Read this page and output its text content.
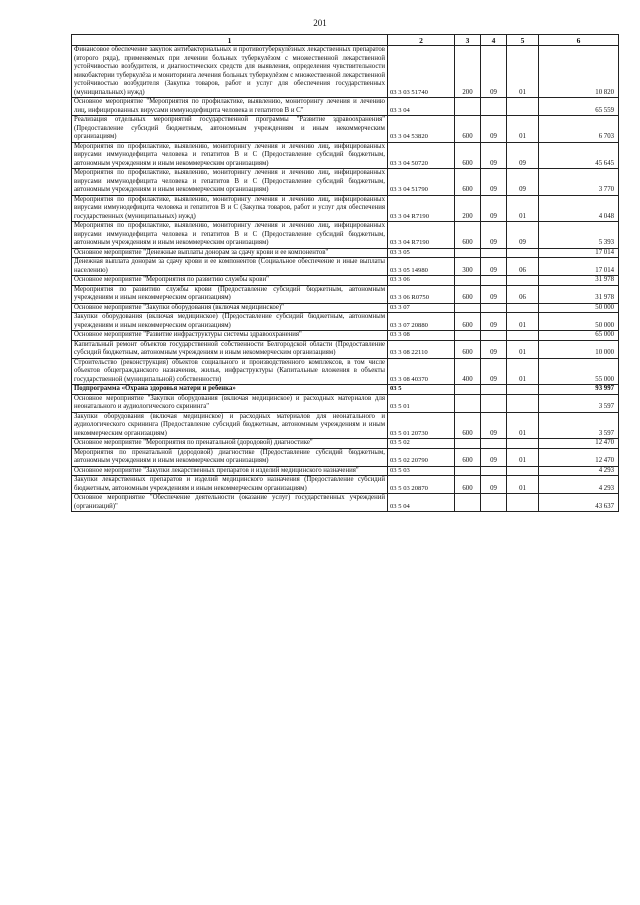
201
1	2	3	4	5	6
Финансовое обеспечение закупок антибактериальных и противотуберкулёзных лекарственных препаратов (второго ряда), применяемых при лечении больных туберкулёзом с множественной лекарственной устойчивостью возбудителя, и диагностических средств для выявления, определения чувствительности микобактерии туберкулёза и мониторинга лечения больных туберкулёзом с множественной лекарственной устойчивостью возбудителя (Закупка товаров, работ и услуг для обеспечения государственных (муниципальных) нужд)	03 3 03 51740	200	09	01	10 820
Основное мероприятие "Мероприятия по профилактике, выявлению, мониторингу лечения и лечению лиц, инфицированных вирусами иммунодефицита человека и гепатитов В и С"	03 3 04				65 559
Реализация отдельных мероприятий государственной программы "Развитие здравоохранения" (Предоставление субсидий бюджетным, автономным учреждениям и иным некоммерческим организациям)	03 3 04 53820	600	09	01	6 703
Мероприятия по профилактике, выявлению, мониторингу лечения и лечению лиц, инфицированных вирусами иммунодефицита человека и гепатитов В и С (Предоставление субсидий бюджетным, автономным учреждениям и иным некоммерческим организациям)	03 3 04 50720	600	09	09	45 645
Мероприятия по профилактике, выявлению, мониторингу лечения и лечению лиц, инфицированных вирусами иммунодефицита человека и гепатитов В и С (Предоставление субсидий бюджетным, автономным учреждениям и иным некоммерческим организациям)	03 3 04 51790	600	09	09	3 770
Мероприятия по профилактике, выявлению, мониторингу лечения и лечению лиц, инфицированных вирусами иммунодефицита человека и гепатитов В и С (Закупка товаров, работ и услуг для обеспечения государственных (муниципальных) нужд)	03 3 04 R7190	200	09	01	4 048
Мероприятия по профилактике, выявлению, мониторингу лечения и лечению лиц, инфицированных вирусами иммунодефицита человека и гепатитов В и С (Предоставление субсидий бюджетным, автономным учреждениям и иным некоммерческим организациям)	03 3 04 R7190	600	09	09	5 393
Основное мероприятие "Денежные выплаты донорам за сдачу крови и ее компонентов"	03 3 05				17 014
Денежная выплата донорам за сдачу крови и ее компонентов (Социальное обеспечение и иные выплаты населению)	03 3 05 14980	300	09	06	17 014
Основное мероприятие "Мероприятия по развитию службы крови"	03 3 06				31 978
Мероприятия по развитию службы крови (Предоставление субсидий бюджетным, автономным учреждениям и иным некоммерческим организациям)	03 3 06 R0750	600	09	06	31 978
Основное мероприятие "Закупки оборудования (включая медицинское)"	03 3 07				50 000
Закупки оборудования (включая медицинское) (Предоставление субсидий бюджетным, автономным учреждениям и иным некоммерческим организациям)	03 3 07 20880	600	09	01	50 000
Основное мероприятие "Развитие инфраструктуры системы здравоохранения"	03 3 08				65 000
Капитальный ремонт объектов государственной собственности Белгородской области (Предоставление субсидий бюджетным, автономным учреждениям и иным некоммерческим организациям)	03 3 08 22110	600	09	01	10 000
Строительство (реконструкция) объектов социального и производственного комплексов, в том числе объектов общегражданского назначения, жилья, инфраструктуры (Капитальные вложения в объекты государственной (муниципальной) собственности)	03 3 08 40370	400	09	01	55 000
Подпрограмма «Охрана здоровья матери и ребенка»	03 5				93 997
Основное мероприятие "Закупки оборудования (включая медицинское) и расходных материалов для неонатального и аудиологического скрининга"	03 5 01				3 597
Закупки оборудования (включая медицинское) и расходных материалов для неонатального и аудиологического скрининга (Предоставление субсидий бюджетным, автономным учреждениям и иным некоммерческим организациям)	03 5 01 20730	600	09	01	3 597
Основное мероприятие "Мероприятия по пренатальной (дородовой) диагностике"	03 5 02				12 470
Мероприятия по пренатальной (дородовой) диагностике (Предоставление субсидий бюджетным, автономным учреждениям и иным некоммерческим организациям)	03 5 02 20790	600	09	01	12 470
Основное мероприятие "Закупки лекарственных препаратов и изделий медицинского назначения"	03 5 03				4 293
Закупки лекарственных препаратов и изделий медицинского назначения (Предоставление субсидий бюджетным, автономным учреждениям и иным некоммерческим организациям)	03 5 03 20870	600	09	01	4 293
Основное мероприятие "Обеспечение деятельности (оказание услуг) государственных учреждений (организаций)"	03 5 04				43 637
